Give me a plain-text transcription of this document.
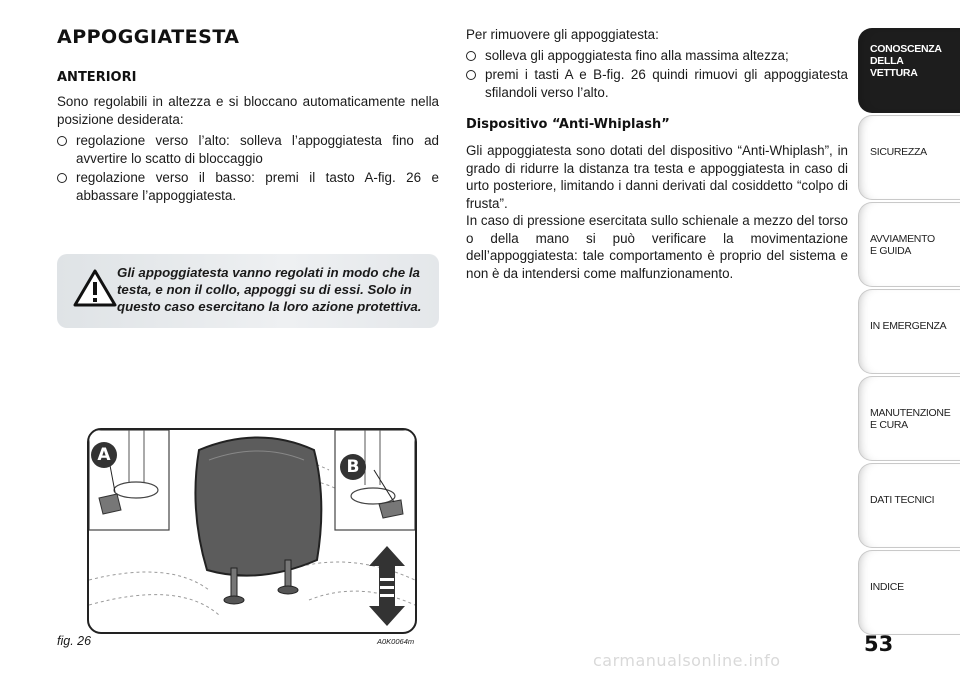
APPOGGIATESTA
ANTERIORI

Sono regolabili in altezza e si bloccano automaticamente nella posizione desiderata:

regolazione verso l’alto: solleva l’appoggiatesta fino ad avvertire lo scatto di bloccaggio
regolazione verso il basso: premi il tasto A-fig. 26 e abbassare l’appoggiatesta.
Gli appoggiatesta vanno regolati in modo che la testa, e non il collo, appoggi su di essi. Solo in questo caso esercitano la loro azione protettiva.
A
B
fig. 26	A0K0064m

Per rimuovere gli appoggiatesta:

solleva gli appoggiatesta fino alla massima altezza;
premi i tasti A e B-fig. 26 quindi rimuovi gli appoggiatesta sfilandoli verso l’alto.
Dispositivo “Anti-Whiplash”

Gli appoggiatesta sono dotati del dispositivo “Anti-Whiplash”, in grado di ridurre la distanza tra testa e appoggiatesta in caso di urto posteriore, limitando i danni derivati dal cosiddetto “colpo di frusta”.

In caso di pressione esercitata sullo schienale a mezzo del torso o della mano si può verificare la movimentazione dell’appoggiatesta: tale comportamento è proprio del sistema e non è da intendersi come malfunzionamento.

CONOSCENZA
DELLA
VETTURA
SICUREZZA
AVVIAMENTO
E GUIDA
IN EMERGENZA
MANUTENZIONE
E CURA
DATI TECNICI
INDICE
53
carmanualsonline.info
